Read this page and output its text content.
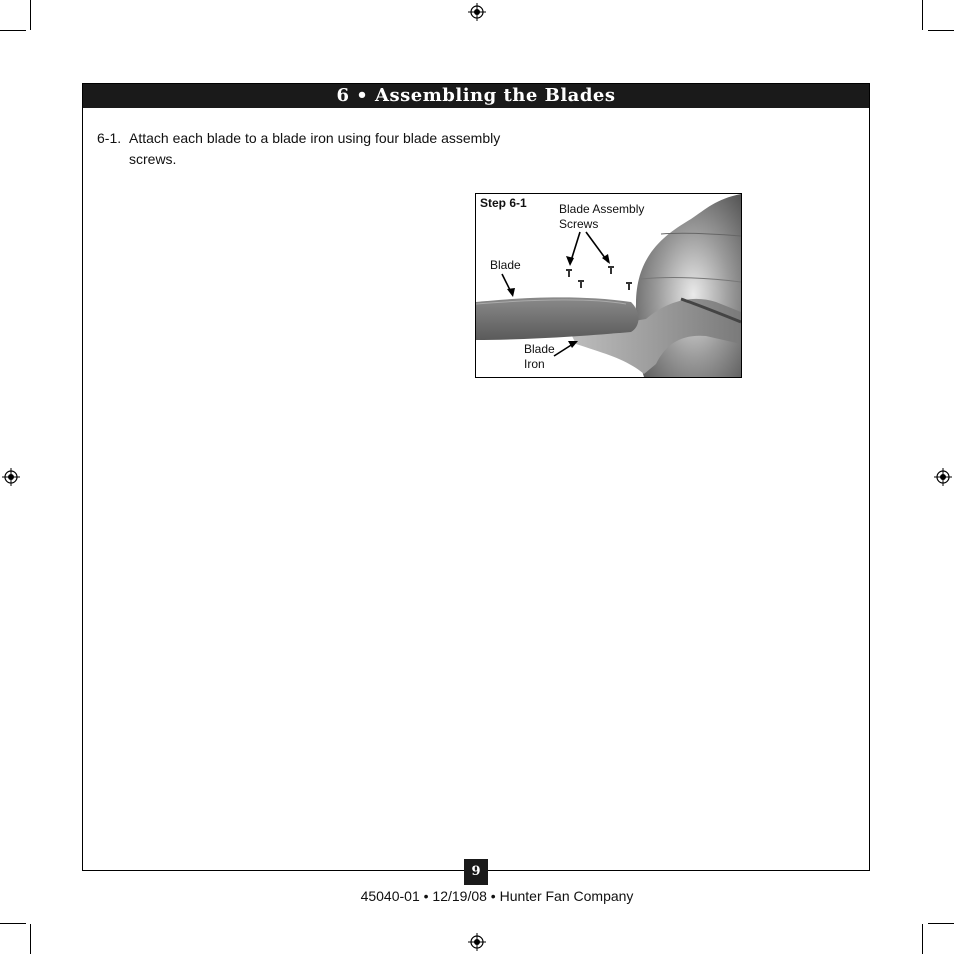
6 • Assembling the Blades
6-1. Attach each blade to a blade iron using four blade assembly screws.
Step 6-1	Blade Assembly
Screws
Blade
Blade
Iron
9
45040-01 • 12/19/08 • Hunter Fan Company
